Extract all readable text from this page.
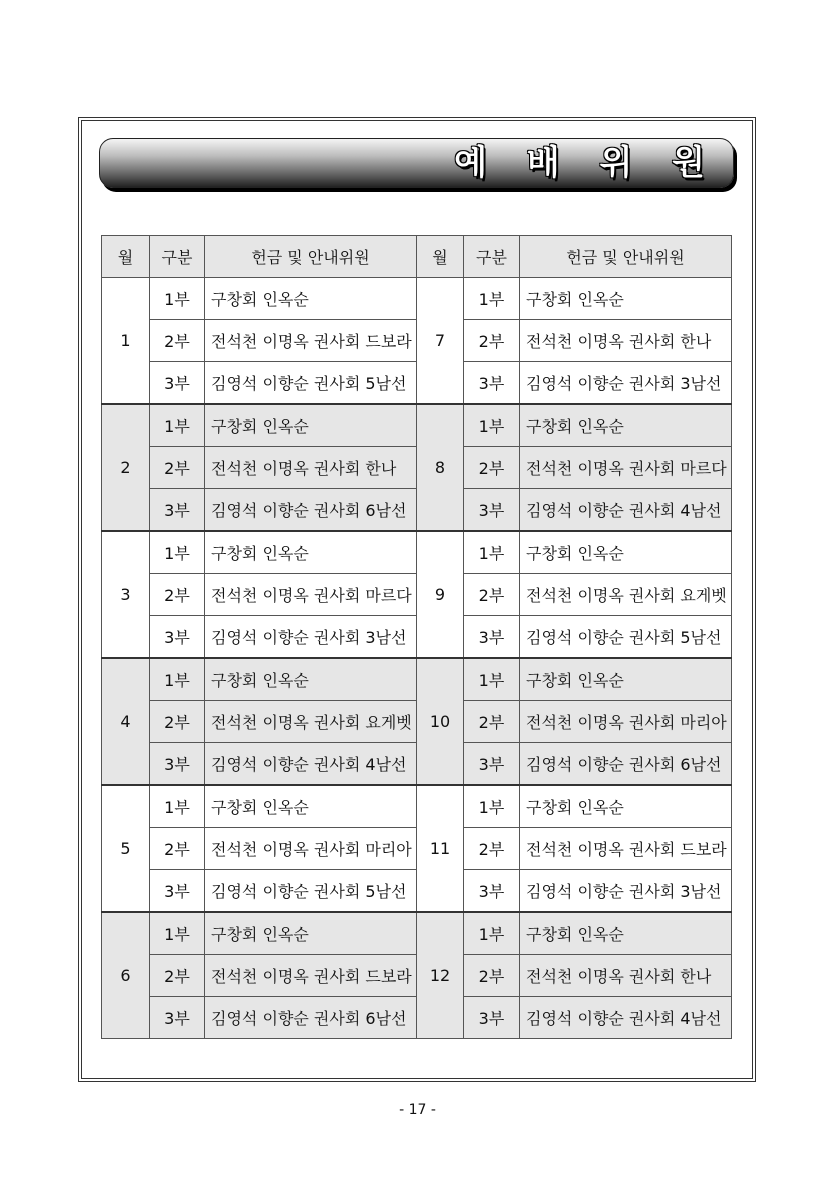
예 배 위 원
월	구분	헌금 및 안내위원		월	구분	헌금 및 안내위원
1	1부	구창회 인옥순		7	1부	구창회 인옥순
	2부	전석천 이명옥 권사회 드보라		2부	전석천 이명옥 권사회 한나
	3부	김영석 이향순 권사회 5남선		3부	김영석 이향순 권사회 3남선
2	1부	구창회 인옥순		8	1부	구창회 인옥순
	2부	전석천 이명옥 권사회 한나		2부	전석천 이명옥 권사회 마르다
	3부	김영석 이향순 권사회 6남선		3부	김영석 이향순 권사회 4남선
3	1부	구창회 인옥순		9	1부	구창회 인옥순
	2부	전석천 이명옥 권사회 마르다		2부	전석천 이명옥 권사회 요게벳
	3부	김영석 이향순 권사회 3남선		3부	김영석 이향순 권사회 5남선
4	1부	구창회 인옥순		10	1부	구창회 인옥순
	2부	전석천 이명옥 권사회 요게벳		2부	전석천 이명옥 권사회 마리아
	3부	김영석 이향순 권사회 4남선		3부	김영석 이향순 권사회 6남선
5	1부	구창회 인옥순		11	1부	구창회 인옥순
	2부	전석천 이명옥 권사회 마리아		2부	전석천 이명옥 권사회 드보라
	3부	김영석 이향순 권사회 5남선		3부	김영석 이향순 권사회 3남선
6	1부	구창회 인옥순		12	1부	구창회 인옥순
	2부	전석천 이명옥 권사회 드보라		2부	전석천 이명옥 권사회 한나
	3부	김영석 이향순 권사회 6남선		3부	김영석 이향순 권사회 4남선
- 17 -
